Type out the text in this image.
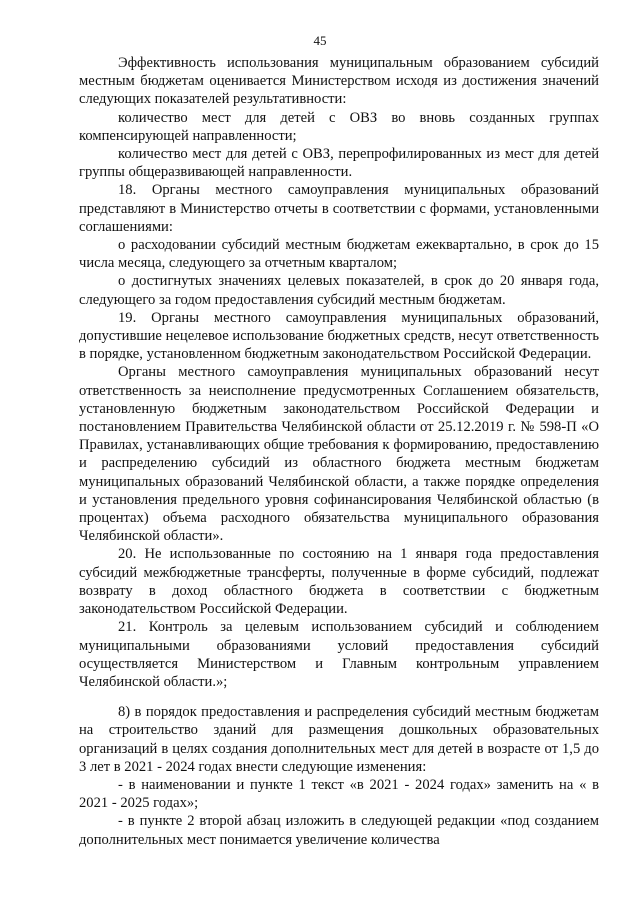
45

Эффективность использования муниципальным образованием субсидий местным бюджетам оценивается Министерством исходя из достижения значений следующих показателей результативности:

количество мест для детей с ОВЗ во вновь созданных группах компенсирующей направленности;

количество мест для детей с ОВЗ, перепрофилированных из мест для детей группы общеразвивающей направленности.

18. Органы местного самоуправления муниципальных образований представляют в Министерство отчеты в соответствии с формами, установленными соглашениями:

о расходовании субсидий местным бюджетам ежеквартально, в срок до 15 числа месяца, следующего за отчетным кварталом;

о достигнутых значениях целевых показателей, в срок до 20 января года, следующего за годом предоставления субсидий местным бюджетам.

19. Органы местного самоуправления муниципальных образований, допустившие нецелевое использование бюджетных средств, несут ответственность в порядке, установленном бюджетным законодательством Российской Федерации.

Органы местного самоуправления муниципальных образований несут ответственность за неисполнение предусмотренных Соглашением обязательств, установленную бюджетным законодательством Российской Федерации и постановлением Правительства Челябинской области от 25.12.2019 г. № 598-П «О Правилах, устанавливающих общие требования к формированию, предоставлению и распределению субсидий из областного бюджета местным бюджетам муниципальных образований Челябинской области, а также порядке определения и установления предельного уровня софинансирования Челябинской областью (в процентах) объема расходного обязательства муниципального образования Челябинской области».

20. Не использованные по состоянию на 1 января года предоставления субсидий межбюджетные трансферты, полученные в форме субсидий, подлежат возврату в доход областного бюджета в соответствии с бюджетным законодательством Российской Федерации.

21. Контроль за целевым использованием субсидий и соблюдением муниципальными образованиями условий предоставления субсидий осуществляется Министерством и Главным контрольным управлением Челябинской области.»;

8) в порядок предоставления и распределения субсидий местным бюджетам на строительство зданий для размещения дошкольных образовательных организаций в целях создания дополнительных мест для детей в возрасте от 1,5 до 3 лет в 2021 - 2024 годах внести следующие изменения:

- в наименовании и пункте 1 текст «в 2021 - 2024 годах» заменить на « в 2021 - 2025 годах»;

- в пункте 2 второй абзац изложить в следующей редакции «под созданием дополнительных мест понимается увеличение количества
